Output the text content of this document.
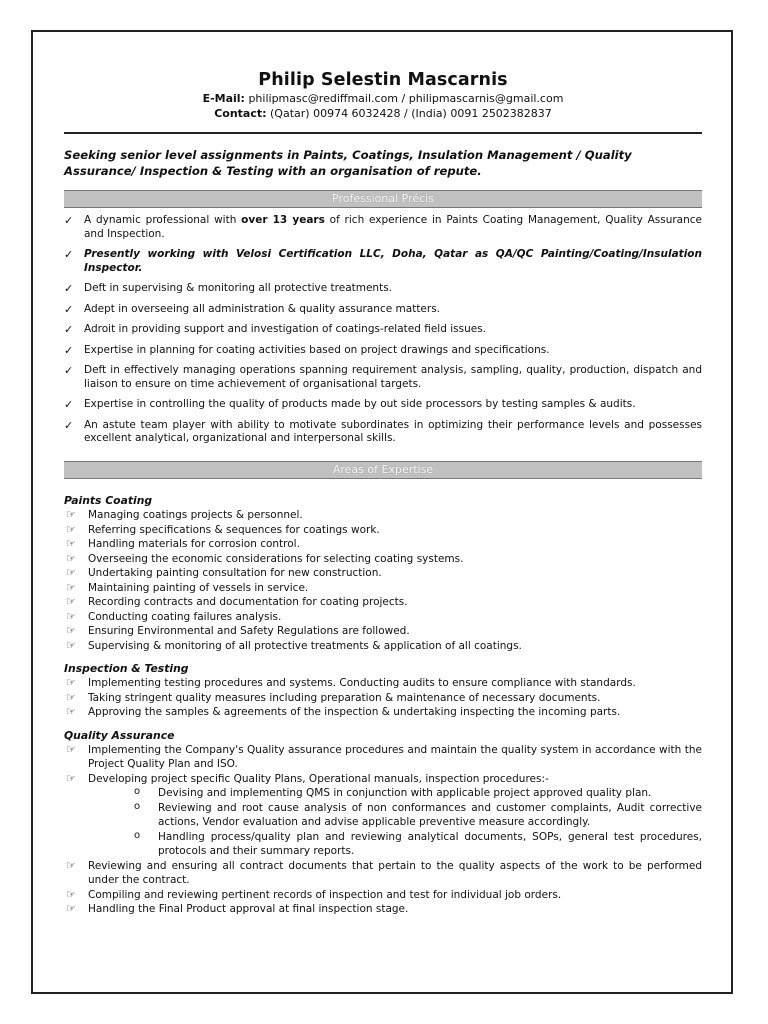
Philip Selestin Mascarnis
E-Mail: philipmasc@rediffmail.com / philipmascarnis@gmail.com
Contact: (Qatar) 00974 6032428 / (India) 0091 2502382837
Seeking senior level assignments in Paints, Coatings, Insulation Management / Quality Assurance/ Inspection & Testing with an organisation of repute.
Professional Précis
✓ A dynamic professional with over 13 years of rich experience in Paints Coating Management, Quality Assurance and Inspection.
✓ Presently working with Velosi Certification LLC, Doha, Qatar as QA/QC Painting/Coating/Insulation Inspector.
✓ Deft in supervising & monitoring all protective treatments.
✓ Adept in overseeing all administration & quality assurance matters.
✓ Adroit in providing support and investigation of coatings-related field issues.
✓ Expertise in planning for coating activities based on project drawings and specifications.
✓ Deft in effectively managing operations spanning requirement analysis, sampling, quality, production, dispatch and liaison to ensure on time achievement of organisational targets.
✓ Expertise in controlling the quality of products made by out side processors by testing samples & audits.
✓ An astute team player with ability to motivate subordinates in optimizing their performance levels and possesses excellent analytical, organizational and interpersonal skills.
Areas of Expertise

Paints Coating

☞ Managing coatings projects & personnel.
☞ Referring specifications & sequences for coatings work.
☞ Handling materials for corrosion control.
☞ Overseeing the economic considerations for selecting coating systems.
☞ Undertaking painting consultation for new construction.
☞ Maintaining painting of vessels in service.
☞ Recording contracts and documentation for coating projects.
☞ Conducting coating failures analysis.
☞ Ensuring Environmental and Safety Regulations are followed.
☞ Supervising & monitoring of all protective treatments & application of all coatings.

Inspection & Testing

☞ Implementing testing procedures and systems. Conducting audits to ensure compliance with standards.
☞ Taking stringent quality measures including preparation & maintenance of necessary documents.
☞ Approving the samples & agreements of the inspection & undertaking inspecting the incoming parts.

Quality Assurance

☞ Implementing the Company's Quality assurance procedures and maintain the quality system in accordance with the Project Quality Plan and ISO.
☞ Developing project specific Quality Plans, Operational manuals, inspection procedures:-
o Devising and implementing QMS in conjunction with applicable project approved quality plan.
o Reviewing and root cause analysis of non conformances and customer complaints, Audit corrective actions, Vendor evaluation and advise applicable preventive measure accordingly.
o Handling process/quality plan and reviewing analytical documents, SOPs, general test procedures, protocols and their summary reports.
☞ Reviewing and ensuring all contract documents that pertain to the quality aspects of the work to be performed under the contract.
☞ Compiling and reviewing pertinent records of inspection and test for individual job orders.
☞ Handling the Final Product approval at final inspection stage.
